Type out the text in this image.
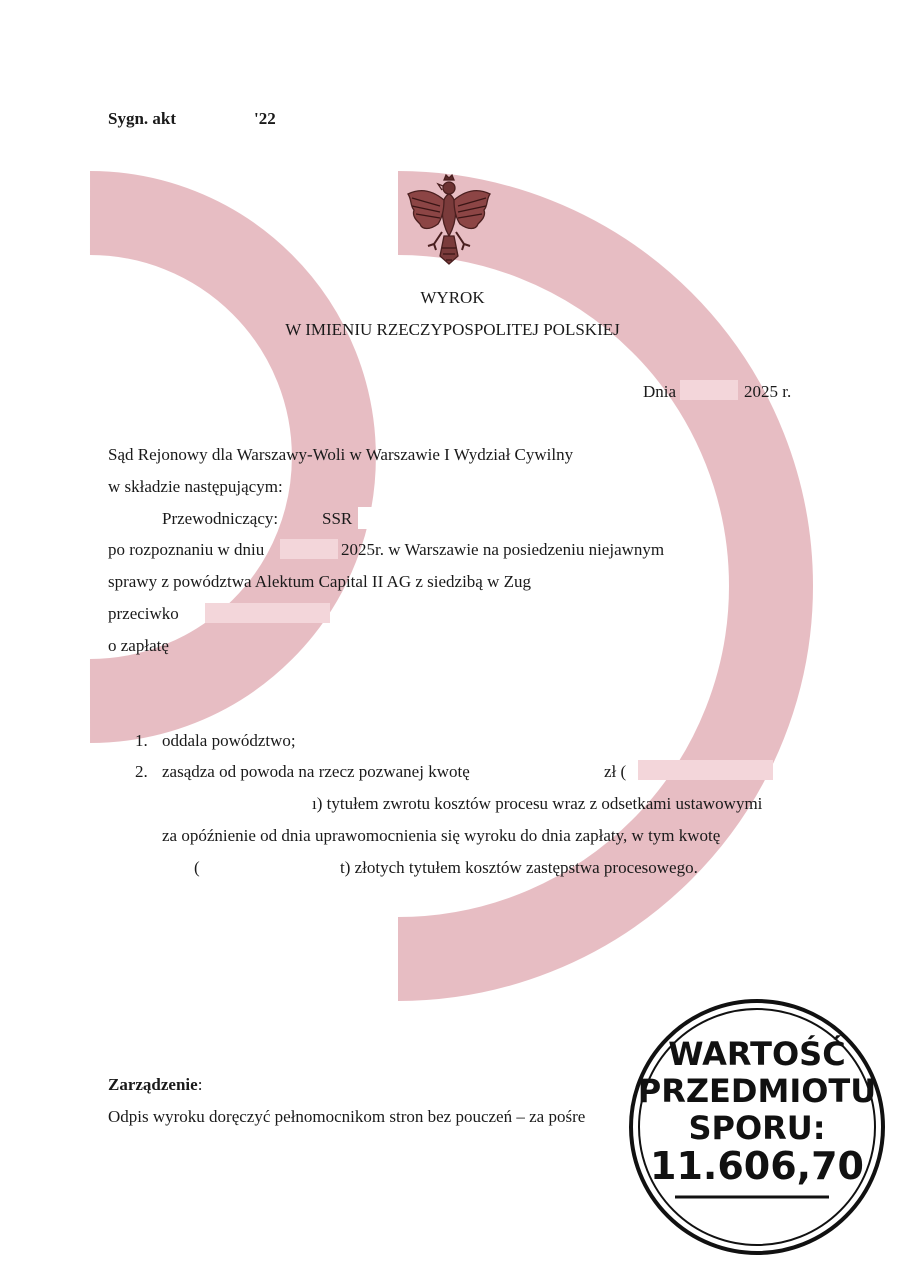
Sygn. akt	'22
WYROK
W IMIENIU RZECZYPOSPOLITEJ POLSKIEJ
Dnia	2025 r.
Sąd Rejonowy dla Warszawy-Woli w Warszawie I Wydział Cywilny
w składzie następującym:
Przewodniczący:	SSR
po rozpoznaniu w dniu	2025r. w Warszawie na posiedzeniu niejawnym
sprawy z powództwa Alektum Capital II AG z siedzibą w Zug
przeciwko
o zapłatę
1. oddala powództwo;
2. zasądza od powoda na rzecz pozwanej kwotę	zł (
ı) tytułem zwrotu kosztów procesu wraz z odsetkami ustawowymi
za opóźnienie od dnia uprawomocnienia się wyroku do dnia zapłaty, w tym kwotę
(	t) złotych tytułem kosztów zastępstwa procesowego.
Zarządzenie:
Odpis wyroku doręczyć pełnomocnikom stron bez pouczeń – za pośre
WARTOŚĆ
PRZEDMIOTU
SPORU:
11.606,70
